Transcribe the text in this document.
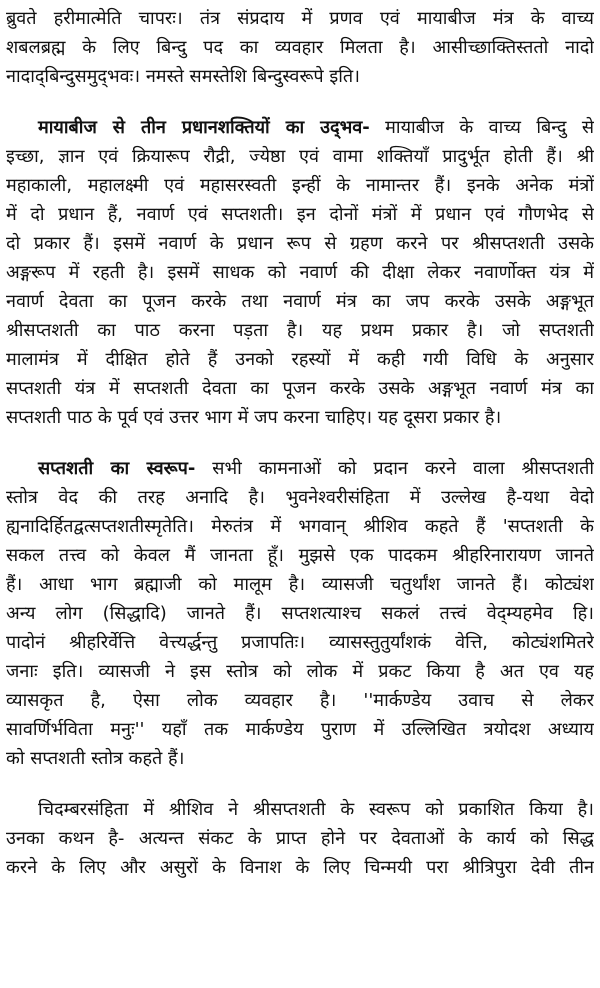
ब्रुवते हरीमात्मेति चापरः। तंत्र संप्रदाय में प्रणव एवं मायाबीज मंत्र के वाच्य
शबलब्रह्म के लिए बिन्दु पद का व्यवहार मिलता है। आसीच्छाक्तिस्ततो नादो
नादाद्‌बिन्दुसमुद्‌भवः। नमस्ते समस्तेशि बिन्दुस्वरूपे इति।
मायाबीज से तीन प्रधानशक्तियों का उद्‌भव- मायाबीज के वाच्य बिन्दु से
इच्छा, ज्ञान एवं क्रियारूप रौद्री, ज्येष्ठा एवं वामा शक्तियाँ प्रादुर्भूत होती हैं। श्री
महाकाली, महालक्ष्मी एवं महासरस्वती इन्हीं के नामान्तर हैं। इनके अनेक मंत्रों
में दो प्रधान हैं, नवार्ण एवं सप्तशती। इन दोनों मंत्रों में प्रधान एवं गौणभेद से
दो प्रकार हैं। इसमें नवार्ण के प्रधान रूप से ग्रहण करने पर श्रीसप्तशती उसके
अङ्गरूप में रहती है। इसमें साधक को नवार्ण की दीक्षा लेकर नवार्णोक्त यंत्र में
नवार्ण देवता का पूजन करके तथा नवार्ण मंत्र का जप करके उसके अङ्गभूत
श्रीसप्तशती का पाठ करना पड़ता है। यह प्रथम प्रकार है। जो सप्तशती
मालामंत्र में दीक्षित होते हैं उनको रहस्यों में कही गयी विधि के अनुसार
सप्तशती यंत्र में सप्तशती देवता का पूजन करके उसके अङ्गभूत नवार्ण मंत्र का
सप्तशती पाठ के पूर्व एवं उत्तर भाग में जप करना चाहिए। यह दूसरा प्रकार है।
सप्तशती का स्वरूप- सभी कामनाओं को प्रदान करने वाला श्रीसप्तशती
स्तोत्र वेद की तरह अनादि है। भुवनेश्वरीसंहिता में उल्लेख है-यथा वेदो
ह्यनादिर्हितद्वत्सप्तशतीस्मृतेति। मेरुतंत्र में भगवान्‌ श्रीशिव कहते हैं 'सप्तशती के
सकल तत्त्व को केवल मैं जानता हूँ। मुझसे एक पादकम श्रीहरिनारायण जानते
हैं। आधा भाग ब्रह्माजी को मालूम है। व्यासजी चतुर्थांश जानते हैं। कोट्यंश
अन्य लोग (सिद्धादि) जानते हैं। सप्तशत्याश्च सकलं तत्त्वं वेद्म्यहमेव हि।
पादोनं श्रीहरिर्वेत्ति वेत्त्यर्द्धन्तु प्रजापतिः। व्यासस्तुतुर्यांशकं वेत्ति, कोट्यंशमितरे
जनाः इति। व्यासजी ने इस स्तोत्र को लोक में प्रकट किया है अत एव यह
व्यासकृत है, ऐसा लोक व्यवहार है। ''मार्कण्डेय उवाच से लेकर
सावर्णिर्भविता मनुः'' यहाँ तक मार्कण्डेय पुराण में उल्लिखित त्रयोदश अध्याय
को सप्तशती स्तोत्र कहते हैं।
चिदम्बरसंहिता में श्रीशिव ने श्रीसप्तशती के स्वरूप को प्रकाशित किया है।
उनका कथन है- अत्यन्त संकट के प्राप्त होने पर देवताओं के कार्य को सिद्ध
करने के लिए और असुरों के विनाश के लिए चिन्मयी परा श्रीत्रिपुरा देवी तीन
